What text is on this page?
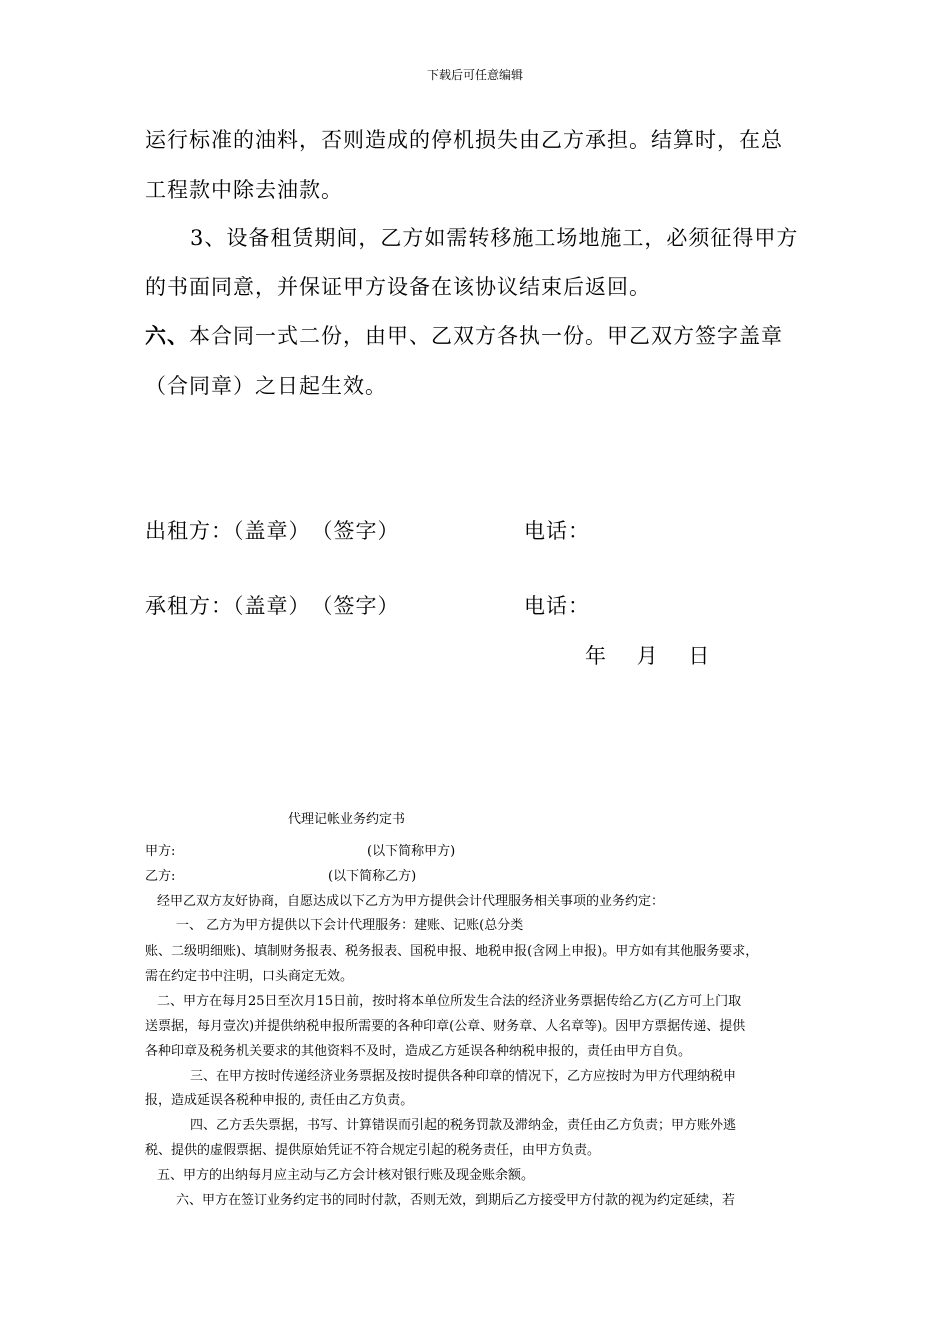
下载后可任意编辑
运行标准的油料，否则造成的停机损失由乙方承担。结算时，在总
工程款中除去油款。
3、设备租赁期间，乙方如需转移施工场地施工，必须征得甲方
的书面同意，并保证甲方设备在该协议结束后返回。
六、本合同一式二份，由甲、乙双方各执一份。甲乙双方签字盖章
（合同章）之日起生效。
出租方：（盖章）　（签字）	电话：
承租方：（盖章）　（签字）	电话：
年　 月　 日
代理记帐业务约定书
甲方:	(以下简称甲方)
乙方:	(以下简称乙方)
经甲乙双方友好协商，自愿达成以下乙方为甲方提供会计代理服务相关事项的业务约定：
一、 乙方为甲方提供以下会计代理服务：建账、记账(总分类
账、二级明细账)、填制财务报表、税务报表、国税申报、地税申报(含网上申报)。甲方如有其他服务要求，
需在约定书中注明，口头商定无效。
二、甲方在每月25日至次月15日前，按时将本单位所发生合法的经济业务票据传给乙方(乙方可上门取
送票据，每月壹次)并提供纳税申报所需要的各种印章(公章、财务章、人名章等)。因甲方票据传递、提供
各种印章及税务机关要求的其他资料不及时，造成乙方延误各种纳税申报的，责任由甲方自负。
三、在甲方按时传递经济业务票据及按时提供各种印章的情况下，乙方应按时为甲方代理纳税申
报，造成延误各税种申报的, 责任由乙方负责。
四、乙方丢失票据，书写、计算错误而引起的税务罚款及滞纳金，责任由乙方负责；甲方账外逃
税、提供的虚假票据、提供原始凭证不符合规定引起的税务责任，由甲方负责。
五、甲方的出纳每月应主动与乙方会计核对银行账及现金账余额。
六、甲方在签订业务约定书的同时付款，否则无效，到期后乙方接受甲方付款的视为约定延续，若
